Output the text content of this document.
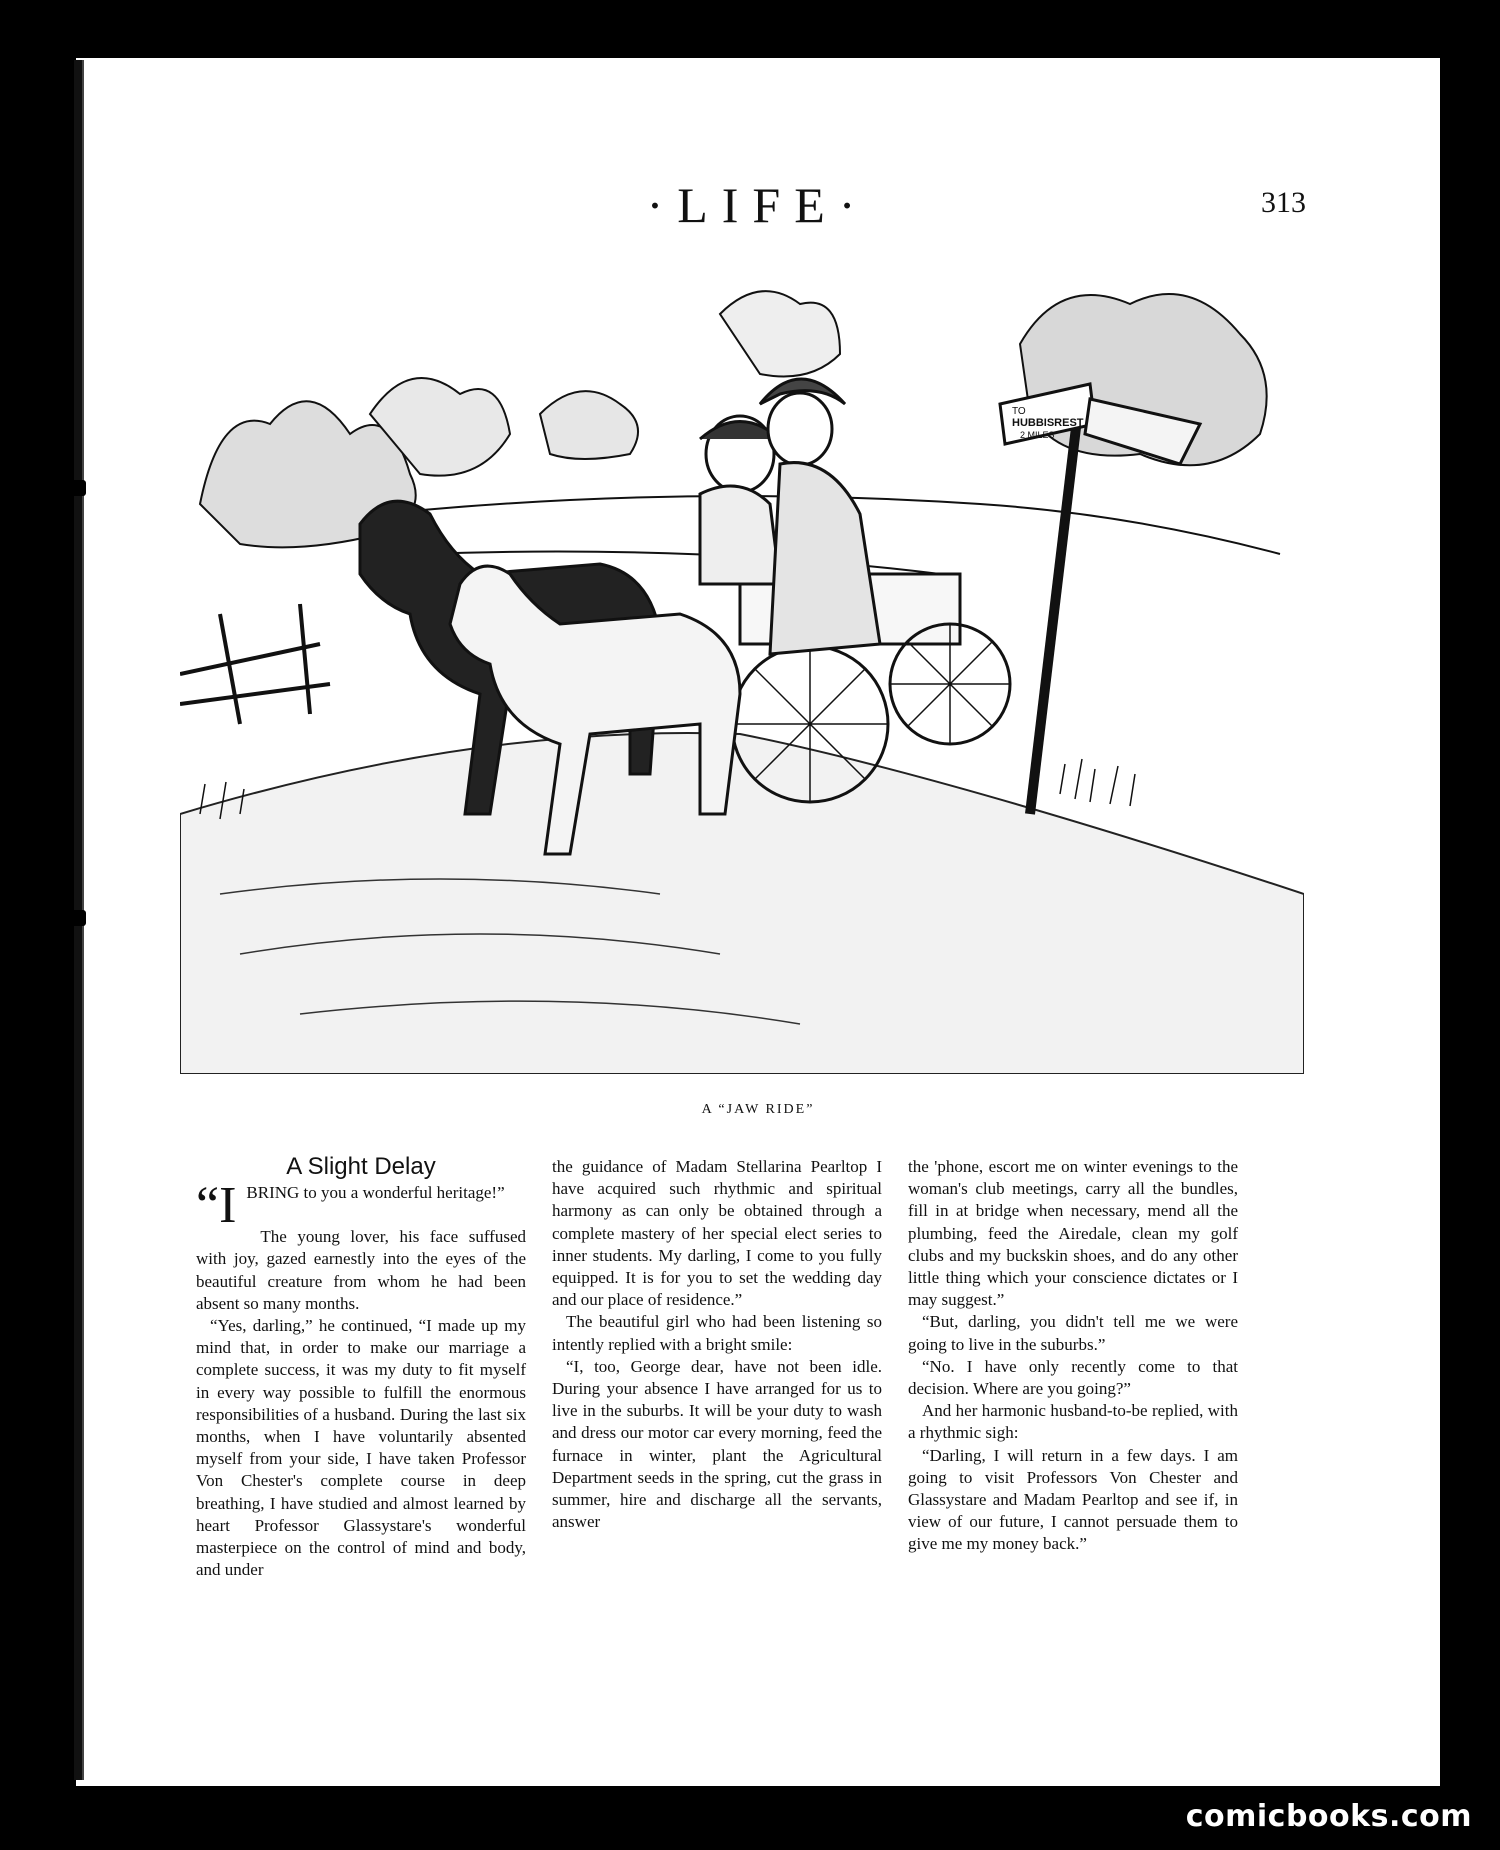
·LIFE·	313
TO
HUBBISREST
2 MILES
A “JAW RIDE”
A Slight Delay
“I BRING to you a wonderful heritage!”

The young lover, his face suffused with joy, gazed earnestly into the eyes of the beautiful creature from whom he had been absent so many months.

“Yes, darling,” he continued, “I made up my mind that, in order to make our marriage a complete success, it was my duty to fit myself in every way possible to fulfill the enormous responsibilities of a husband. During the last six months, when I have voluntarily absented myself from your side, I have taken Professor Von Chester's complete course in deep breathing, I have studied and almost learned by heart Professor Glassystare's wonderful masterpiece on the control of mind and body, and under

the guidance of Madam Stellarina Pearltop I have acquired such rhythmic and spiritual harmony as can only be obtained through a complete mastery of her special elect series to inner students. My darling, I come to you fully equipped. It is for you to set the wedding day and our place of residence.”

The beautiful girl who had been listening so intently replied with a bright smile:

“I, too, George dear, have not been idle. During your absence I have arranged for us to live in the suburbs. It will be your duty to wash and dress our motor car every morning, feed the furnace in winter, plant the Agricultural Department seeds in the spring, cut the grass in summer, hire and discharge all the servants, answer

the 'phone, escort me on winter evenings to the woman's club meetings, carry all the bundles, fill in at bridge when necessary, mend all the plumbing, feed the Airedale, clean my golf clubs and my buckskin shoes, and do any other little thing which your conscience dictates or I may suggest.”

“But, darling, you didn't tell me we were going to live in the suburbs.”

“No. I have only recently come to that decision. Where are you going?”

And her harmonic husband-to-be replied, with a rhythmic sigh:

“Darling, I will return in a few days. I am going to visit Professors Von Chester and Glassystare and Madam Pearltop and see if, in view of our future, I cannot persuade them to give me my money back.”

comicbooks.com
